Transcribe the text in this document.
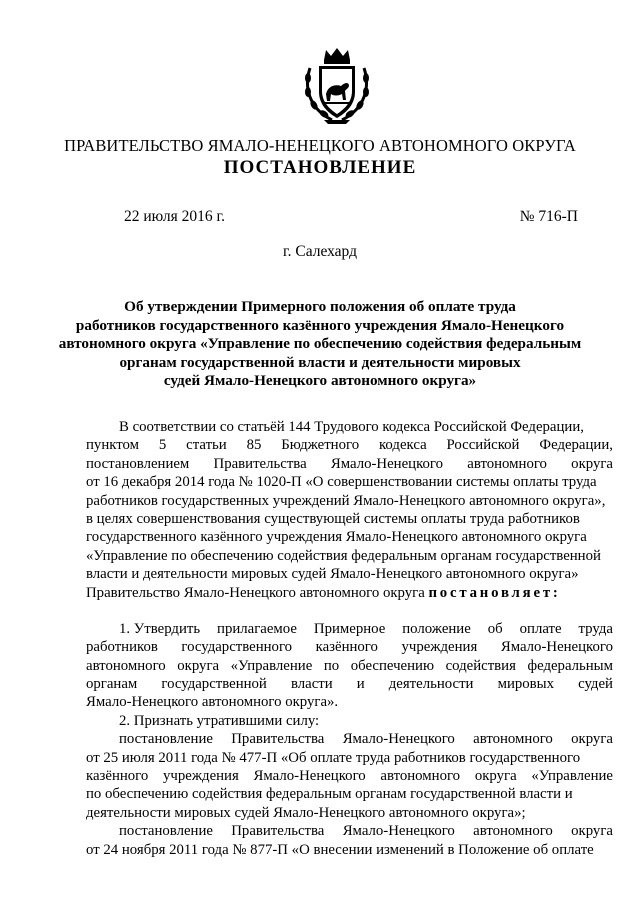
ПРАВИТЕЛЬСТВО ЯМАЛО-НЕНЕЦКОГО АВТОНОМНОГО ОКРУГА
ПОСТАНОВЛЕНИЕ
22 июля 2016 г.	№ 716-П
г. Салехард
Об утверждении Примерного положения об оплате труда
работников государственного казённого учреждения Ямало-Ненецкого
автономного округа «Управление по обеспечению содействия федеральным
органам государственной власти и деятельности мировых
судей Ямало-Ненецкого автономного округа»
В соответствии со статьёй 144 Трудового кодекса Российской Федерации,
пунктом 5 статьи 85 Бюджетного кодекса Российской Федерации,
постановлением Правительства Ямало-Ненецкого автономного округа
от 16 декабря 2014 года № 1020-П «О совершенствовании системы оплаты труда
работников государственных учреждений Ямало-Ненецкого автономного округа»,
в целях совершенствования существующей системы оплаты труда работников
государственного казённого учреждения Ямало-Ненецкого автономного округа
«Управление по обеспечению содействия федеральным органам государственной
власти и деятельности мировых судей Ямало-Ненецкого автономного округа»
Правительство Ямало-Ненецкого автономного округа постановляет:
1. Утвердить прилагаемое Примерное положение об оплате труда
работников государственного казённого учреждения Ямало-Ненецкого
автономного округа «Управление по обеспечению содействия федеральным
органам государственной власти и деятельности мировых судей
Ямало-Ненецкого автономного округа».
2. Признать утратившими силу:
постановление Правительства Ямало-Ненецкого автономного округа
от 25 июля 2011 года № 477-П «Об оплате труда работников государственного
казённого учреждения Ямало-Ненецкого автономного округа «Управление
по обеспечению содействия федеральным органам государственной власти и
деятельности мировых судей Ямало-Ненецкого автономного округа»;
постановление Правительства Ямало-Ненецкого автономного округа
от 24 ноября 2011 года № 877-П «О внесении изменений в Положение об оплате
